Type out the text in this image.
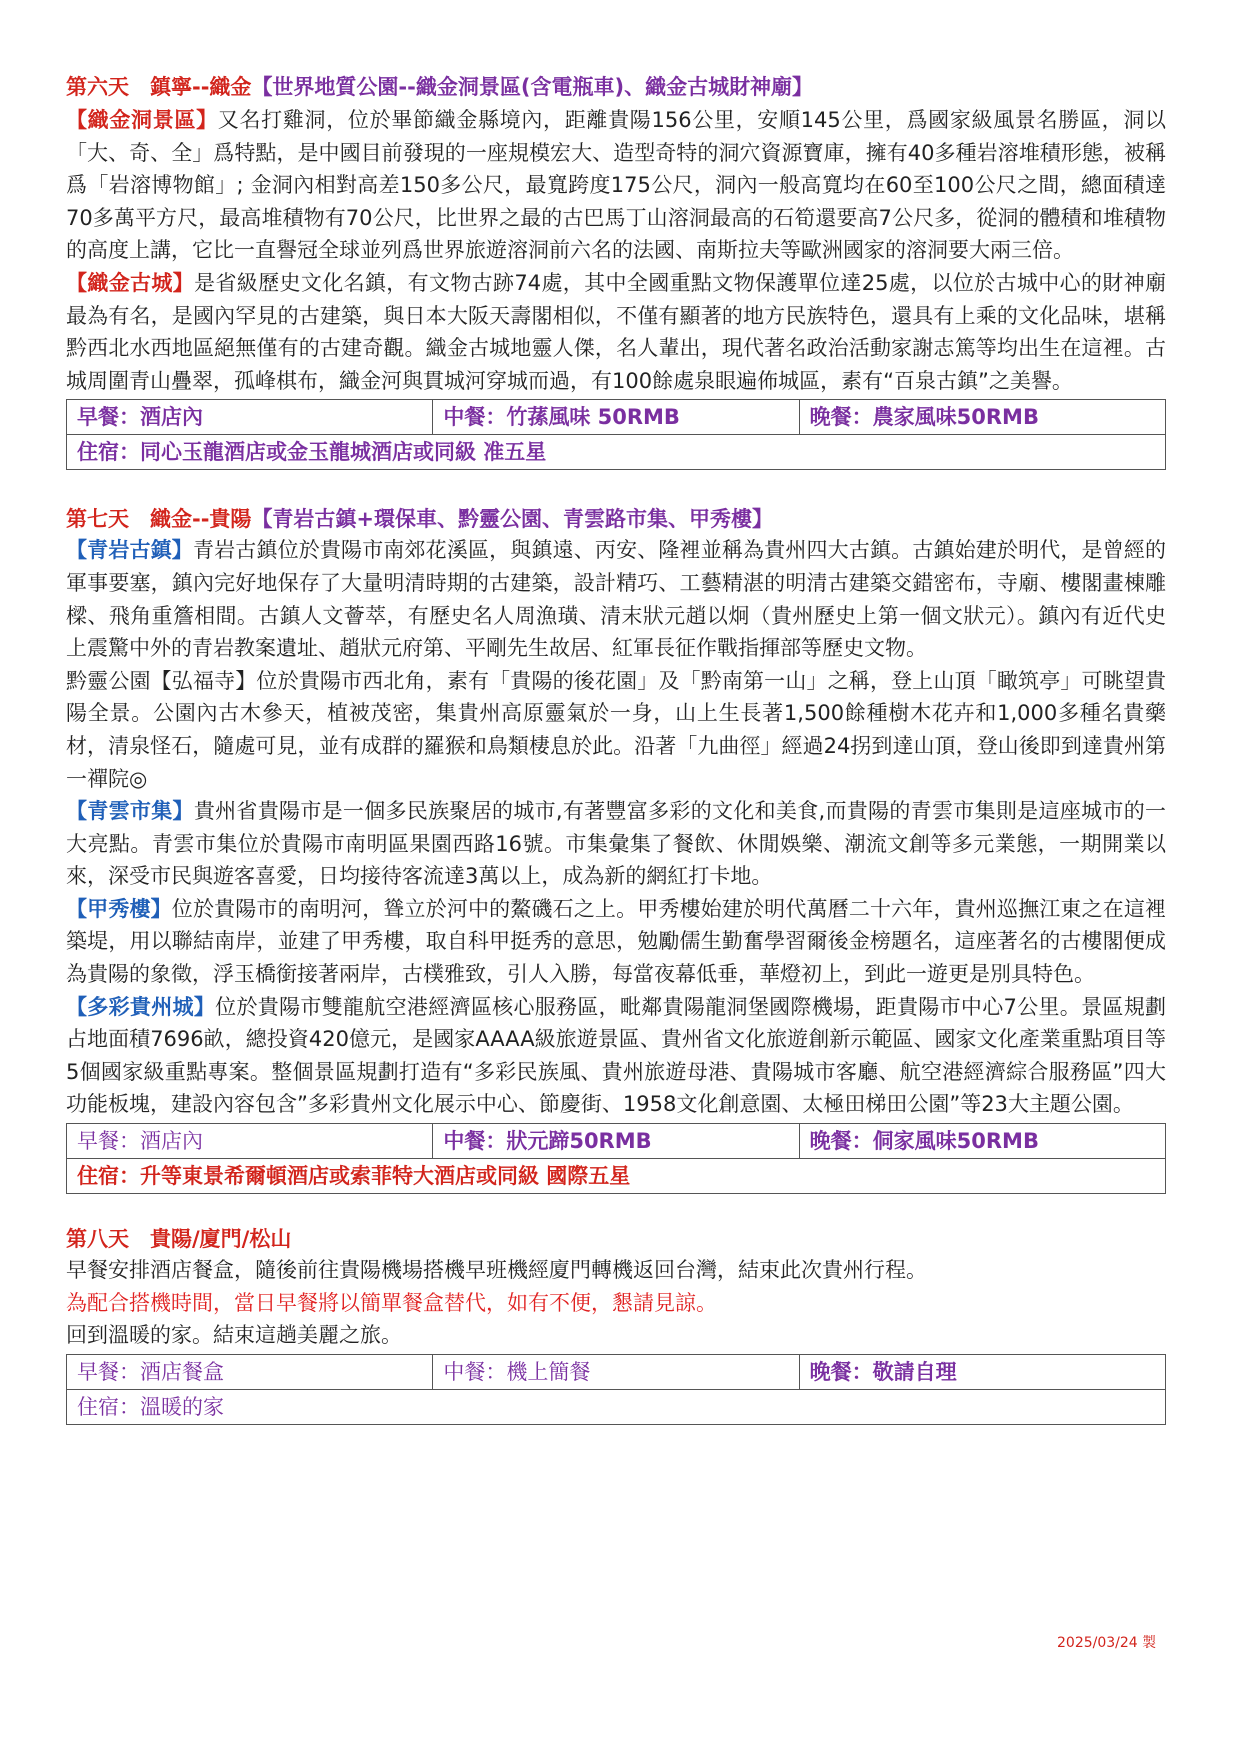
第六天　鎮寧--織金【世界地質公園--織金洞景區(含電瓶車)、織金古城財神廟】

【織金洞景區】又名打雞洞，位於畢節織金縣境內，距離貴陽156公里，安順145公里，爲國家級風景名勝區，洞以「大、奇、全」爲特點，是中國目前發現的一座規模宏大、造型奇特的洞穴資源寶庫，擁有40多種岩溶堆積形態，被稱爲「岩溶博物館」; 金洞內相對高差150多公尺，最寬跨度175公尺，洞內一般高寬均在60至100公尺之間，總面積達70多萬平方尺，最高堆積物有70公尺，比世界之最的古巴馬丁山溶洞最高的石筍還要高7公尺多，從洞的體積和堆積物的高度上講，它比一直譽冠全球並列爲世界旅遊溶洞前六名的法國、南斯拉夫等歐洲國家的溶洞要大兩三倍。

【織金古城】是省級歷史文化名鎮，有文物古跡74處，其中全國重點文物保護單位達25處，以位於古城中心的財神廟最為有名，是國內罕見的古建築，與日本大阪天壽閣相似，不僅有顯著的地方民族特色，還具有上乘的文化品味，堪稱黔西北水西地區絕無僅有的古建奇觀。織金古城地靈人傑，名人輩出，現代著名政治活動家謝志篤等均出生在這裡。古城周圍青山疊翠，孤峰棋布，織金河與貫城河穿城而過，有100餘處泉眼遍佈城區，素有“百泉古鎮”之美譽。

早餐：酒店內	中餐：竹蓀風味 50RMB	晚餐：農家風味50RMB
住宿：同心玉龍酒店或金玉龍城酒店或同級 准五星
第七天　織金--貴陽【青岩古鎮+環保車、黔靈公園、青雲路市集、甲秀樓】

【青岩古鎮】青岩古鎮位於貴陽市南郊花溪區，與鎮遠、丙安、隆裡並稱為貴州四大古鎮。古鎮始建於明代，是曾經的軍事要塞，鎮內完好地保存了大量明清時期的古建築，設計精巧、工藝精湛的明清古建築交錯密布，寺廟、樓閣畫棟雕樑、飛角重簷相間。古鎮人文薈萃，有歷史名人周漁璜、清末狀元趙以炯（貴州歷史上第一個文狀元）。鎮內有近代史上震驚中外的青岩教案遺址、趙狀元府第、平剛先生故居、紅軍長征作戰指揮部等歷史文物。

黔靈公園【弘福寺】位於貴陽市西北角，素有「貴陽的後花園」及「黔南第一山」之稱，登上山頂「瞰筑亭」可眺望貴陽全景。公園內古木參天，植被茂密，集貴州高原靈氣於一身，山上生長著1,500餘種樹木花卉和1,000多種名貴藥材，清泉怪石，隨處可見，並有成群的羅猴和鳥類棲息於此。沿著「九曲徑」經過24拐到達山頂，登山後即到達貴州第一禪院◎

【青雲市集】貴州省貴陽市是一個多民族聚居的城市,有著豐富多彩的文化和美食,而貴陽的青雲市集則是這座城市的一大亮點。青雲市集位於貴陽市南明區果園西路16號。市集彙集了餐飲、休閒娛樂、潮流文創等多元業態，一期開業以來，深受市民與遊客喜愛，日均接待客流達3萬以上，成為新的網紅打卡地。

【甲秀樓】位於貴陽市的南明河，聳立於河中的鰲磯石之上。甲秀樓始建於明代萬曆二十六年，貴州巡撫江東之在這裡築堤，用以聯結南岸，並建了甲秀樓，取自科甲挺秀的意思，勉勵儒生勤奮學習爾後金榜題名，這座著名的古樓閣便成為貴陽的象徵，浮玉橋銜接著兩岸，古樸雅致，引人入勝，每當夜幕低垂，華燈初上，到此一遊更是別具特色。

【多彩貴州城】位於貴陽市雙龍航空港經濟區核心服務區，毗鄰貴陽龍洞堡國際機場，距貴陽市中心7公里。景區規劃占地面積7696畝，總投資420億元，是國家AAAA級旅遊景區、貴州省文化旅遊創新示範區、國家文化產業重點項目等5個國家級重點專案。整個景區規劃打造有“多彩民族風、貴州旅遊母港、貴陽城市客廳、航空港經濟綜合服務區”四大功能板塊，建設內容包含”多彩貴州文化展示中心、節慶街、1958文化創意園、太極田梯田公園”等23大主題公園。

早餐：酒店內	中餐：狀元蹄50RMB	晚餐：侗家風味50RMB
住宿：升等東景希爾頓酒店或索菲特大酒店或同級 國際五星
第八天　貴陽/廈門/松山

早餐安排酒店餐盒，隨後前往貴陽機場搭機早班機經廈門轉機返回台灣，結束此次貴州行程。

為配合搭機時間，當日早餐將以簡單餐盒替代，如有不便，懇請見諒。

回到溫暖的家。結束這趟美麗之旅。

早餐：酒店餐盒	中餐：機上簡餐	晚餐：敬請自理
住宿：溫暖的家
2025/03/24 製
